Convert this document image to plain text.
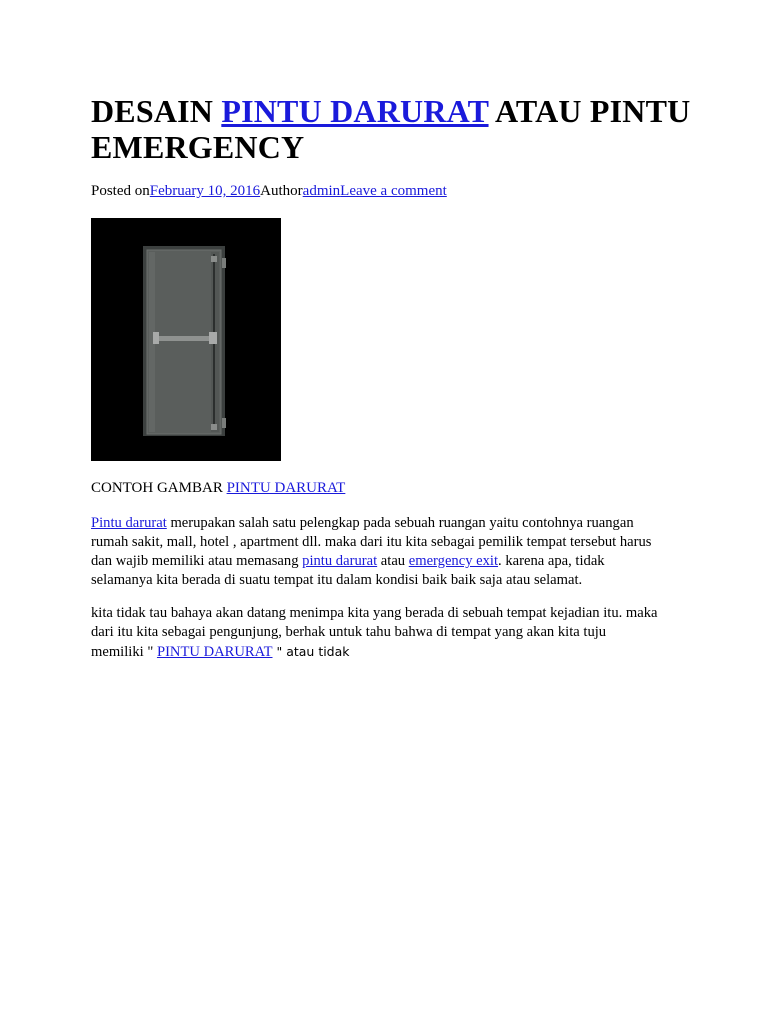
DESAIN PINTU DARURAT ATAU PINTU EMERGENCY
Posted onFebruary 10, 2016AuthoradminLeave a comment
CONTOH GAMBAR PINTU DARURAT

Pintu darurat merupakan salah satu pelengkap pada sebuah ruangan yaitu contohnya ruangan
rumah sakit, mall, hotel , apartment dll. maka dari itu kita sebagai pemilik tempat tersebut harus
dan wajib memiliki atau memasang pintu darurat atau emergency exit. karena apa, tidak
selamanya kita berada di suatu tempat itu dalam kondisi baik baik saja atau selamat.

kita tidak tau bahaya akan datang menimpa kita yang berada di sebuah tempat kejadian itu. maka
dari itu kita sebagai pengunjung, berhak untuk tahu bahwa di tempat yang akan kita tuju
memiliki " PINTU DARURAT " atau tidak
